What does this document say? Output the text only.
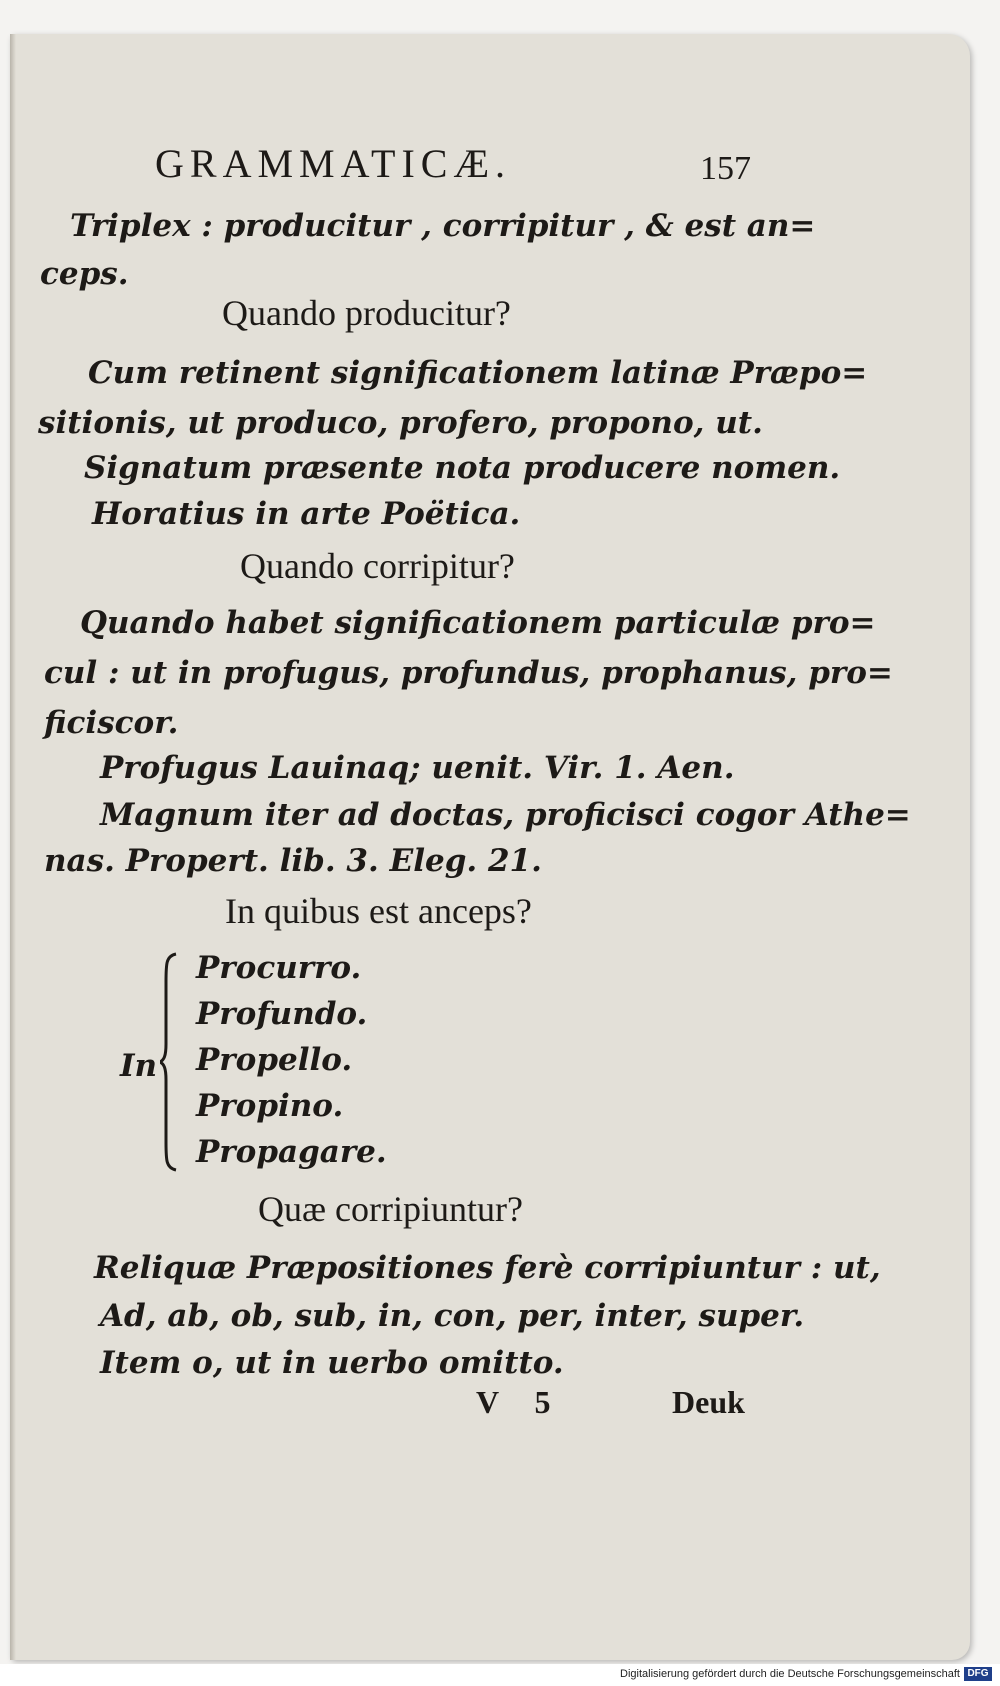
GRAMMATICÆ.	157
Triplex : producitur , corripitur , & est an=
ceps.
Quando producitur?
Cum retinent significationem latinæ Præpo=
sitionis, ut produco, profero, propono, ut.
Signatum præsente nota producere nomen.
Horatius in arte Poëtica.
Quando corripitur?
Quando habet significationem particulæ pro=
cul : ut in profugus, profundus, prophanus, pro=
ficiscor.
Profugus Lauinaq; uenit. Vir. 1. Aen.
Magnum iter ad doctas, proficisci cogor Athe=
nas. Propert. lib. 3. Eleg. 21.
In quibus est anceps?
In
Procurro.
Profundo.
Propello.
Propino.
Propagare.
Quæ corripiuntur?
Reliquæ Præpositiones ferè corripiuntur : ut,
Ad, ab, ob, sub, in, con, per, inter, super.
Item o, ut in uerbo omitto.
V 5	Deuk
Digitalisierung gefördert durch die Deutsche Forschungsgemeinschaft DFG
